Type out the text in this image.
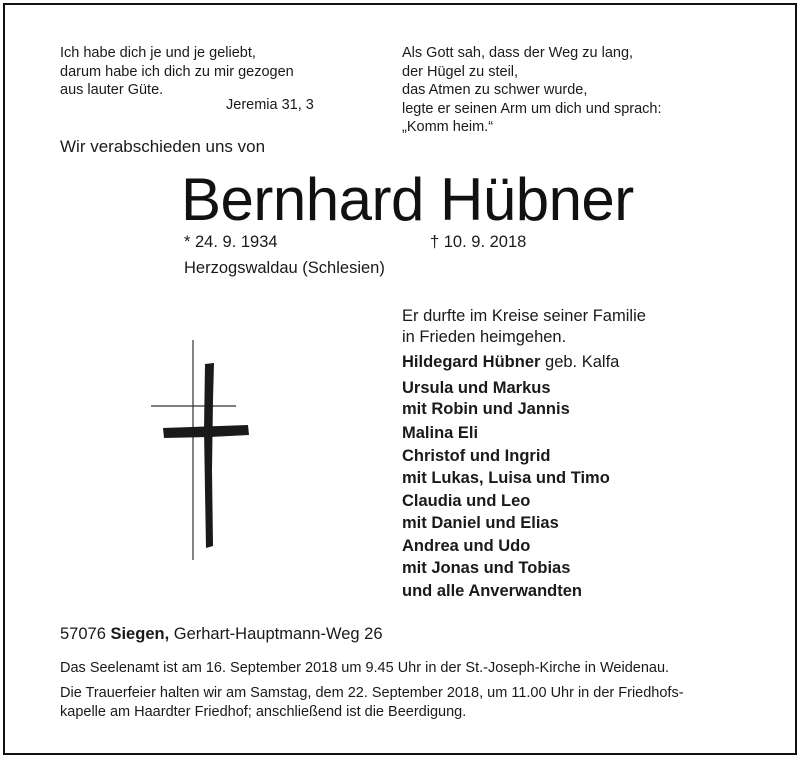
Ich habe dich je und je geliebt,
darum habe ich dich zu mir gezogen
aus lauter Güte.
Jeremia 31, 3
Als Gott sah, dass der Weg zu lang,
der Hügel zu steil,
das Atmen zu schwer wurde,
legte er seinen Arm um dich und sprach:
„Komm heim.“
Wir verabschieden uns von
Bernhard Hübner
* 24. 9. 1934	† 10. 9. 2018
Herzogswaldau (Schlesien)
Er durfte im Kreise seiner Familie
in Frieden heimgehen.
Hildegard Hübner geb. Kalfa
Ursula und Markus
mit Robin und Jannis
Malina Eli
Christof und Ingrid
mit Lukas, Luisa und Timo
Claudia und Leo
mit Daniel und Elias
Andrea und Udo
mit Jonas und Tobias
und alle Anverwandten
57076 Siegen, Gerhart-Hauptmann-Weg 26
Das Seelenamt ist am 16. September 2018 um 9.45 Uhr in der St.-Joseph-Kirche in Weidenau.
Die Trauerfeier halten wir am Samstag, dem 22. September 2018, um 11.00 Uhr in der Friedhofs-
kapelle am Haardter Friedhof; anschließend ist die Beerdigung.
